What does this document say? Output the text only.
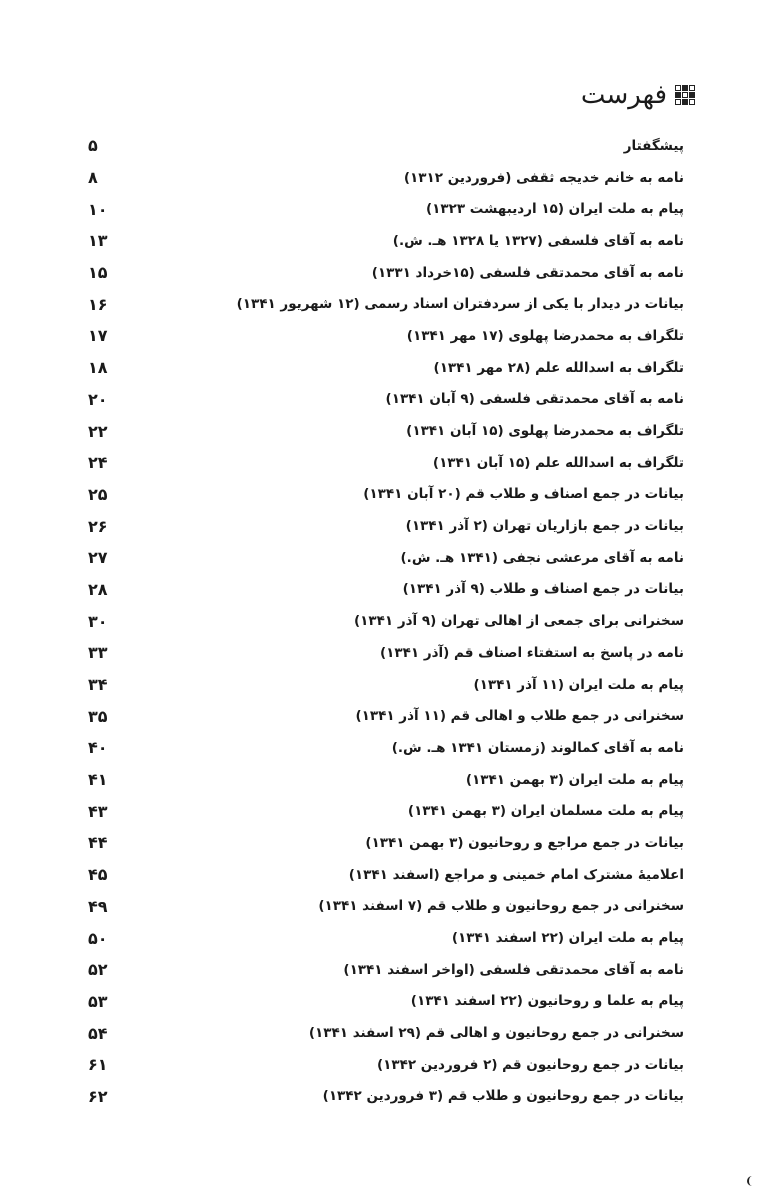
فهرست
۵	پیشگفتار
۸	نامه به خانم خدیجه ثقفی (فروردین ۱۳۱۲)
۱۰	پیام به ملت ایران (۱۵ اردیبهشت ۱۳۲۳)
۱۳	نامه به آقای فلسفی (۱۳۲۷ یا ۱۳۲۸ هـ. ش.)
۱۵	نامه به آقای محمدتقی فلسفی (۱۵خرداد ۱۳۳۱)
۱۶	بیانات در دیدار با یکی از سردفتران اسناد رسمی (۱۲ شهریور ۱۳۴۱)
۱۷	تلگراف به محمدرضا پهلوی (۱۷ مهر ۱۳۴۱)
۱۸	تلگراف به اسدالله علم (۲۸ مهر ۱۳۴۱)
۲۰	نامه به آقای محمدتقی فلسفی (۹ آبان ۱۳۴۱)
۲۲	تلگراف به محمدرضا پهلوی (۱۵ آبان ۱۳۴۱)
۲۴	تلگراف به اسدالله علم (۱۵ آبان ۱۳۴۱)
۲۵	بیانات در جمع اصناف و طلاب قم (۲۰ آبان ۱۳۴۱)
۲۶	بیانات در جمع بازاریان تهران (۲ آذر ۱۳۴۱)
۲۷	نامه به آقای مرعشی نجفی (۱۳۴۱ هـ. ش.)
۲۸	بیانات در جمع اصناف و طلاب (۹ آذر ۱۳۴۱)
۳۰	سخنرانی برای جمعی از اهالی تهران (۹ آذر ۱۳۴۱)
۳۳	نامه در پاسخ به استفتاء اصناف قم (آذر ۱۳۴۱)
۳۴	پیام به ملت ایران (۱۱ آذر ۱۳۴۱)
۳۵	سخنرانی در جمع طلاب و اهالی قم (۱۱ آذر ۱۳۴۱)
۴۰	نامه به آقای کمالوند (زمستان ۱۳۴۱ هـ. ش.)
۴۱	پیام به ملت ایران (۳ بهمن ۱۳۴۱)
۴۳	پیام به ملت مسلمان ایران (۳ بهمن ۱۳۴۱)
۴۴	بیانات در جمع مراجع و روحانیون (۳ بهمن ۱۳۴۱)
۴۵	اعلامیهٔ مشترک امام خمینی و مراجع (اسفند ۱۳۴۱)
۴۹	سخنرانی در جمع روحانیون و طلاب قم (۷ اسفند ۱۳۴۱)
۵۰	پیام به ملت ایران (۲۲ اسفند ۱۳۴۱)
۵۲	نامه به آقای محمدتقی فلسفی (اواخر اسفند ۱۳۴۱)
۵۳	پیام به علما و روحانیون (۲۲ اسفند ۱۳۴۱)
۵۴	سخنرانی در جمع روحانیون و اهالی قم (۲۹ اسفند ۱۳۴۱)
۶۱	بیانات در جمع روحانیون قم (۲ فروردین ۱۳۴۲)
۶۲	بیانات در جمع روحانیون و طلاب قم (۳ فروردین ۱۳۴۲)
